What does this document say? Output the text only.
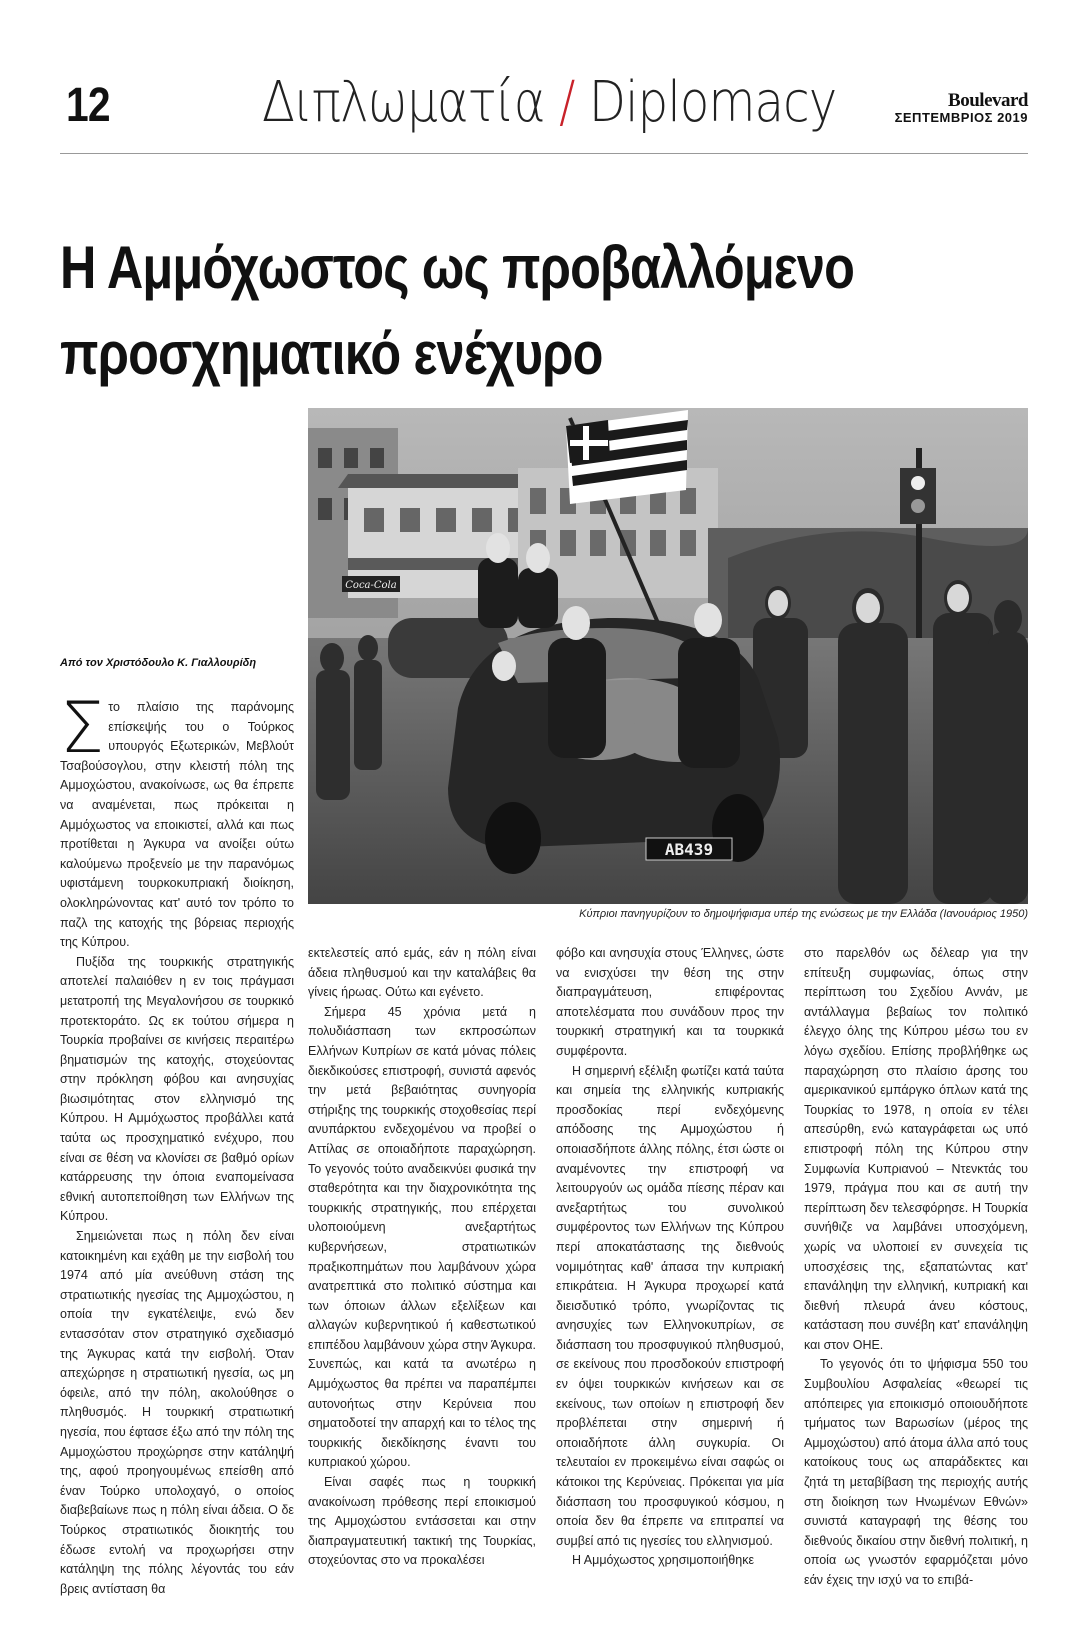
12	Διπλωματία / Diplomacy	Boulevard
ΣΕΠΤΕΜΒΡΙΟΣ 2019
Η Αμμόχωστος ως προβαλλόμενο
προσχηματικό ενέχυρο
Coca-Cola
AB439
Κύπριοι πανηγυρίζουν το δημοψήφισμα υπέρ της ενώσεως με την Ελλάδα (Ιανουάριος 1950)
Από τον Χριστόδουλο Κ. Γιαλλουρίδη
Σ το πλαίσιο της παράνομης επίσκεψής του ο Τούρκος υπουργός Εξωτερικών, Μεβλούτ Τσαβούσογλου, στην κλειστή πόλη της Αμμοχώστου, ανακοίνωσε, ως θα έπρεπε να αναμένεται, πως πρόκειται η Αμμόχωστος να εποικιστεί, αλλά και πως προτίθεται η Άγκυρα να ανοίξει ούτω καλούμενω προξενείο με την παρανόμως υφιστάμενη τουρκοκυπριακή διοίκηση, ολοκληρώνοντας κατ' αυτό τον τρόπο το παζλ της κατοχής της βόρειας περιοχής της Κύπρου.

Πυξίδα της τουρκικής στρατηγικής αποτελεί παλαιόθεν η εν τοις πράγμασι μετατροπή της Μεγαλονήσου σε τουρκικό προτεκτοράτο. Ως εκ τούτου σήμερα η Τουρκία προβαίνει σε κινήσεις περαιτέρω βηματισμών της κατοχής, στοχεύοντας στην πρόκληση φόβου και ανησυχίας βιωσιμότητας στον ελληνισμό της Κύπρου. Η Αμμόχωστος προβάλλει κατά ταύτα ως προσχηματικό ενέχυρο, που είναι σε θέση να κλονίσει σε βαθμό ορίων κατάρρευσης την όποια εναπομείνασα εθνική αυτοπεποίθηση των Ελλήνων της Κύπρου.

Σημειώνεται πως η πόλη δεν είναι κατοικημένη και εχάθη με την εισβολή του 1974 από μία ανεύθυνη στάση της στρατιωτικής ηγεσίας της Αμμοχώστου, η οποία την εγκατέλειψε, ενώ δεν εντασσόταν στον στρατηγικό σχεδιασμό της Άγκυρας κατά την εισβολή. Όταν απεχώρησε η στρατιωτική ηγεσία, ως μη όφειλε, από την πόλη, ακολούθησε ο πληθυσμός. Η τουρκική στρατιωτική ηγεσία, που έφτασε έξω από την πόλη της Αμμοχώστου προχώρησε στην κατάληψή της, αφού προηγουμένως επείσθη από έναν Τούρκο υπολοχαγό, ο οποίος διαβεβαίωνε πως η πόλη είναι άδεια. Ο δε Τούρκος στρατιωτικός διοικητής του έδωσε εντολή να προχωρήσει στην κατάληψη της πόλης λέγοντάς του εάν βρεις αντίσταση θα

εκτελεστείς από εμάς, εάν η πόλη είναι άδεια πληθυσμού και την καταλάβεις θα γίνεις ήρωας. Ούτω και εγένετο.

Σήμερα 45 χρόνια μετά η πολυδιάσπαση των εκπροσώπων Ελλήνων Κυπρίων σε κατά μόνας πόλεις διεκδικούσες επιστροφή, συνιστά αφενός την μετά βεβαιότητας συνηγορία στήριξης της τουρκικής στοχοθεσίας περί ανυπάρκτου ενδεχομένου να προβεί ο Αττίλας σε οποιαδήποτε παραχώρηση. Το γεγονός τούτο αναδεικνύει φυσικά την σταθερότητα και την διαχρονικότητα της τουρκικής στρατηγικής, που επέρχεται υλοποιούμενη ανεξαρτήτως κυβερνήσεων, στρατιωτικών πραξικοπημάτων που λαμβάνουν χώρα ανατρεπτικά στο πολιτικό σύστημα και των όποιων άλλων εξελίξεων και αλλαγών κυβερνητικού ή καθεστωτικού επιπέδου λαμβάνουν χώρα στην Άγκυρα. Συνεπώς, και κατά τα ανωτέρω η Αμμόχωστος θα πρέπει να παραπέμπει αυτονοήτως στην Κερύνεια που σηματοδοτεί την απαρχή και το τέλος της τουρκικής διεκδίκησης έναντι του κυπριακού χώρου.

Είναι σαφές πως η τουρκική ανακοίνωση πρόθεσης περί εποικισμού της Αμμοχώστου εντάσσεται και στην διαπραγματευτική τακτική της Τουρκίας, στοχεύοντας στο να προκαλέσει

φόβο και ανησυχία στους Έλληνες, ώστε να ενισχύσει την θέση της στην διαπραγμάτευση, επιφέροντας αποτελέσματα που συνάδουν προς την τουρκική στρατηγική και τα τουρκικά συμφέροντα.

Η σημερινή εξέλιξη φωτίζει κατά ταύτα και σημεία της ελληνικής κυπριακής προσδοκίας περί ενδεχόμενης απόδοσης της Αμμοχώστου ή οποιασδήποτε άλλης πόλης, έτσι ώστε οι αναμένοντες την επιστροφή να λειτουργούν ως ομάδα πίεσης πέραν και ανεξαρτήτως του συνολικού συμφέροντος των Ελλήνων της Κύπρου περί αποκατάστασης της διεθνούς νομιμότητας καθ' άπασα την κυπριακή επικράτεια. Η Άγκυρα προχωρεί κατά διεισδυτικό τρόπο, γνωρίζοντας τις ανησυχίες των Ελληνοκυπρίων, σε διάσπαση του προσφυγικού πληθυσμού, σε εκείνους που προσδοκούν επιστροφή εν όψει τουρκικών κινήσεων και σε εκείνους, των οποίων η επιστροφή δεν προβλέπεται στην σημερινή ή οποιαδήποτε άλλη συγκυρία. Οι τελευταίοι εν προκειμένω είναι σαφώς οι κάτοικοι της Κερύνειας. Πρόκειται για μία διάσπαση του προσφυγικού κόσμου, η οποία δεν θα έπρεπε να επιτραπεί να συμβεί από τις ηγεσίες του ελληνισμού.

Η Αμμόχωστος χρησιμοποιήθηκε

στο παρελθόν ως δέλεαρ για την επίτευξη συμφωνίας, όπως στην περίπτωση του Σχεδίου Αννάν, με αντάλλαγμα βεβαίως τον πολιτικό έλεγχο όλης της Κύπρου μέσω του εν λόγω σχεδίου. Επίσης προβλήθηκε ως παραχώρηση στο πλαίσιο άρσης του αμερικανικού εμπάργκο όπλων κατά της Τουρκίας το 1978, η οποία εν τέλει απεσύρθη, ενώ καταγράφεται ως υπό επιστροφή πόλη της Κύπρου στην Συμφωνία Κυπριανού – Ντενκτάς του 1979, πράγμα που και σε αυτή την περίπτωση δεν τελεσφόρησε. Η Τουρκία συνήθιζε να λαμβάνει υποσχόμενη, χωρίς να υλοποιεί εν συνεχεία τις υποσχέσεις της, εξαπατώντας κατ' επανάληψη την ελληνική, κυπριακή και διεθνή πλευρά άνευ κόστους, κατάσταση που συνέβη κατ' επανάληψη και στον ΟΗΕ.

Το γεγονός ότι το ψήφισμα 550 του Συμβουλίου Ασφαλείας «θεωρεί τις απόπειρες για εποικισμό οποιουδήποτε τμήματος των Βαρωσίων (μέρος της Αμμοχώστου) από άτομα άλλα από τους κατοίκους τους ως απαράδεκτες και ζητά τη μεταβίβαση της περιοχής αυτής στη διοίκηση των Ηνωμένων Εθνών» συνιστά καταγραφή της θέσης του διεθνούς δικαίου στην διεθνή πολιτική, η οποία ως γνωστόν εφαρμόζεται μόνο εάν έχεις την ισχύ να το επιβά-
